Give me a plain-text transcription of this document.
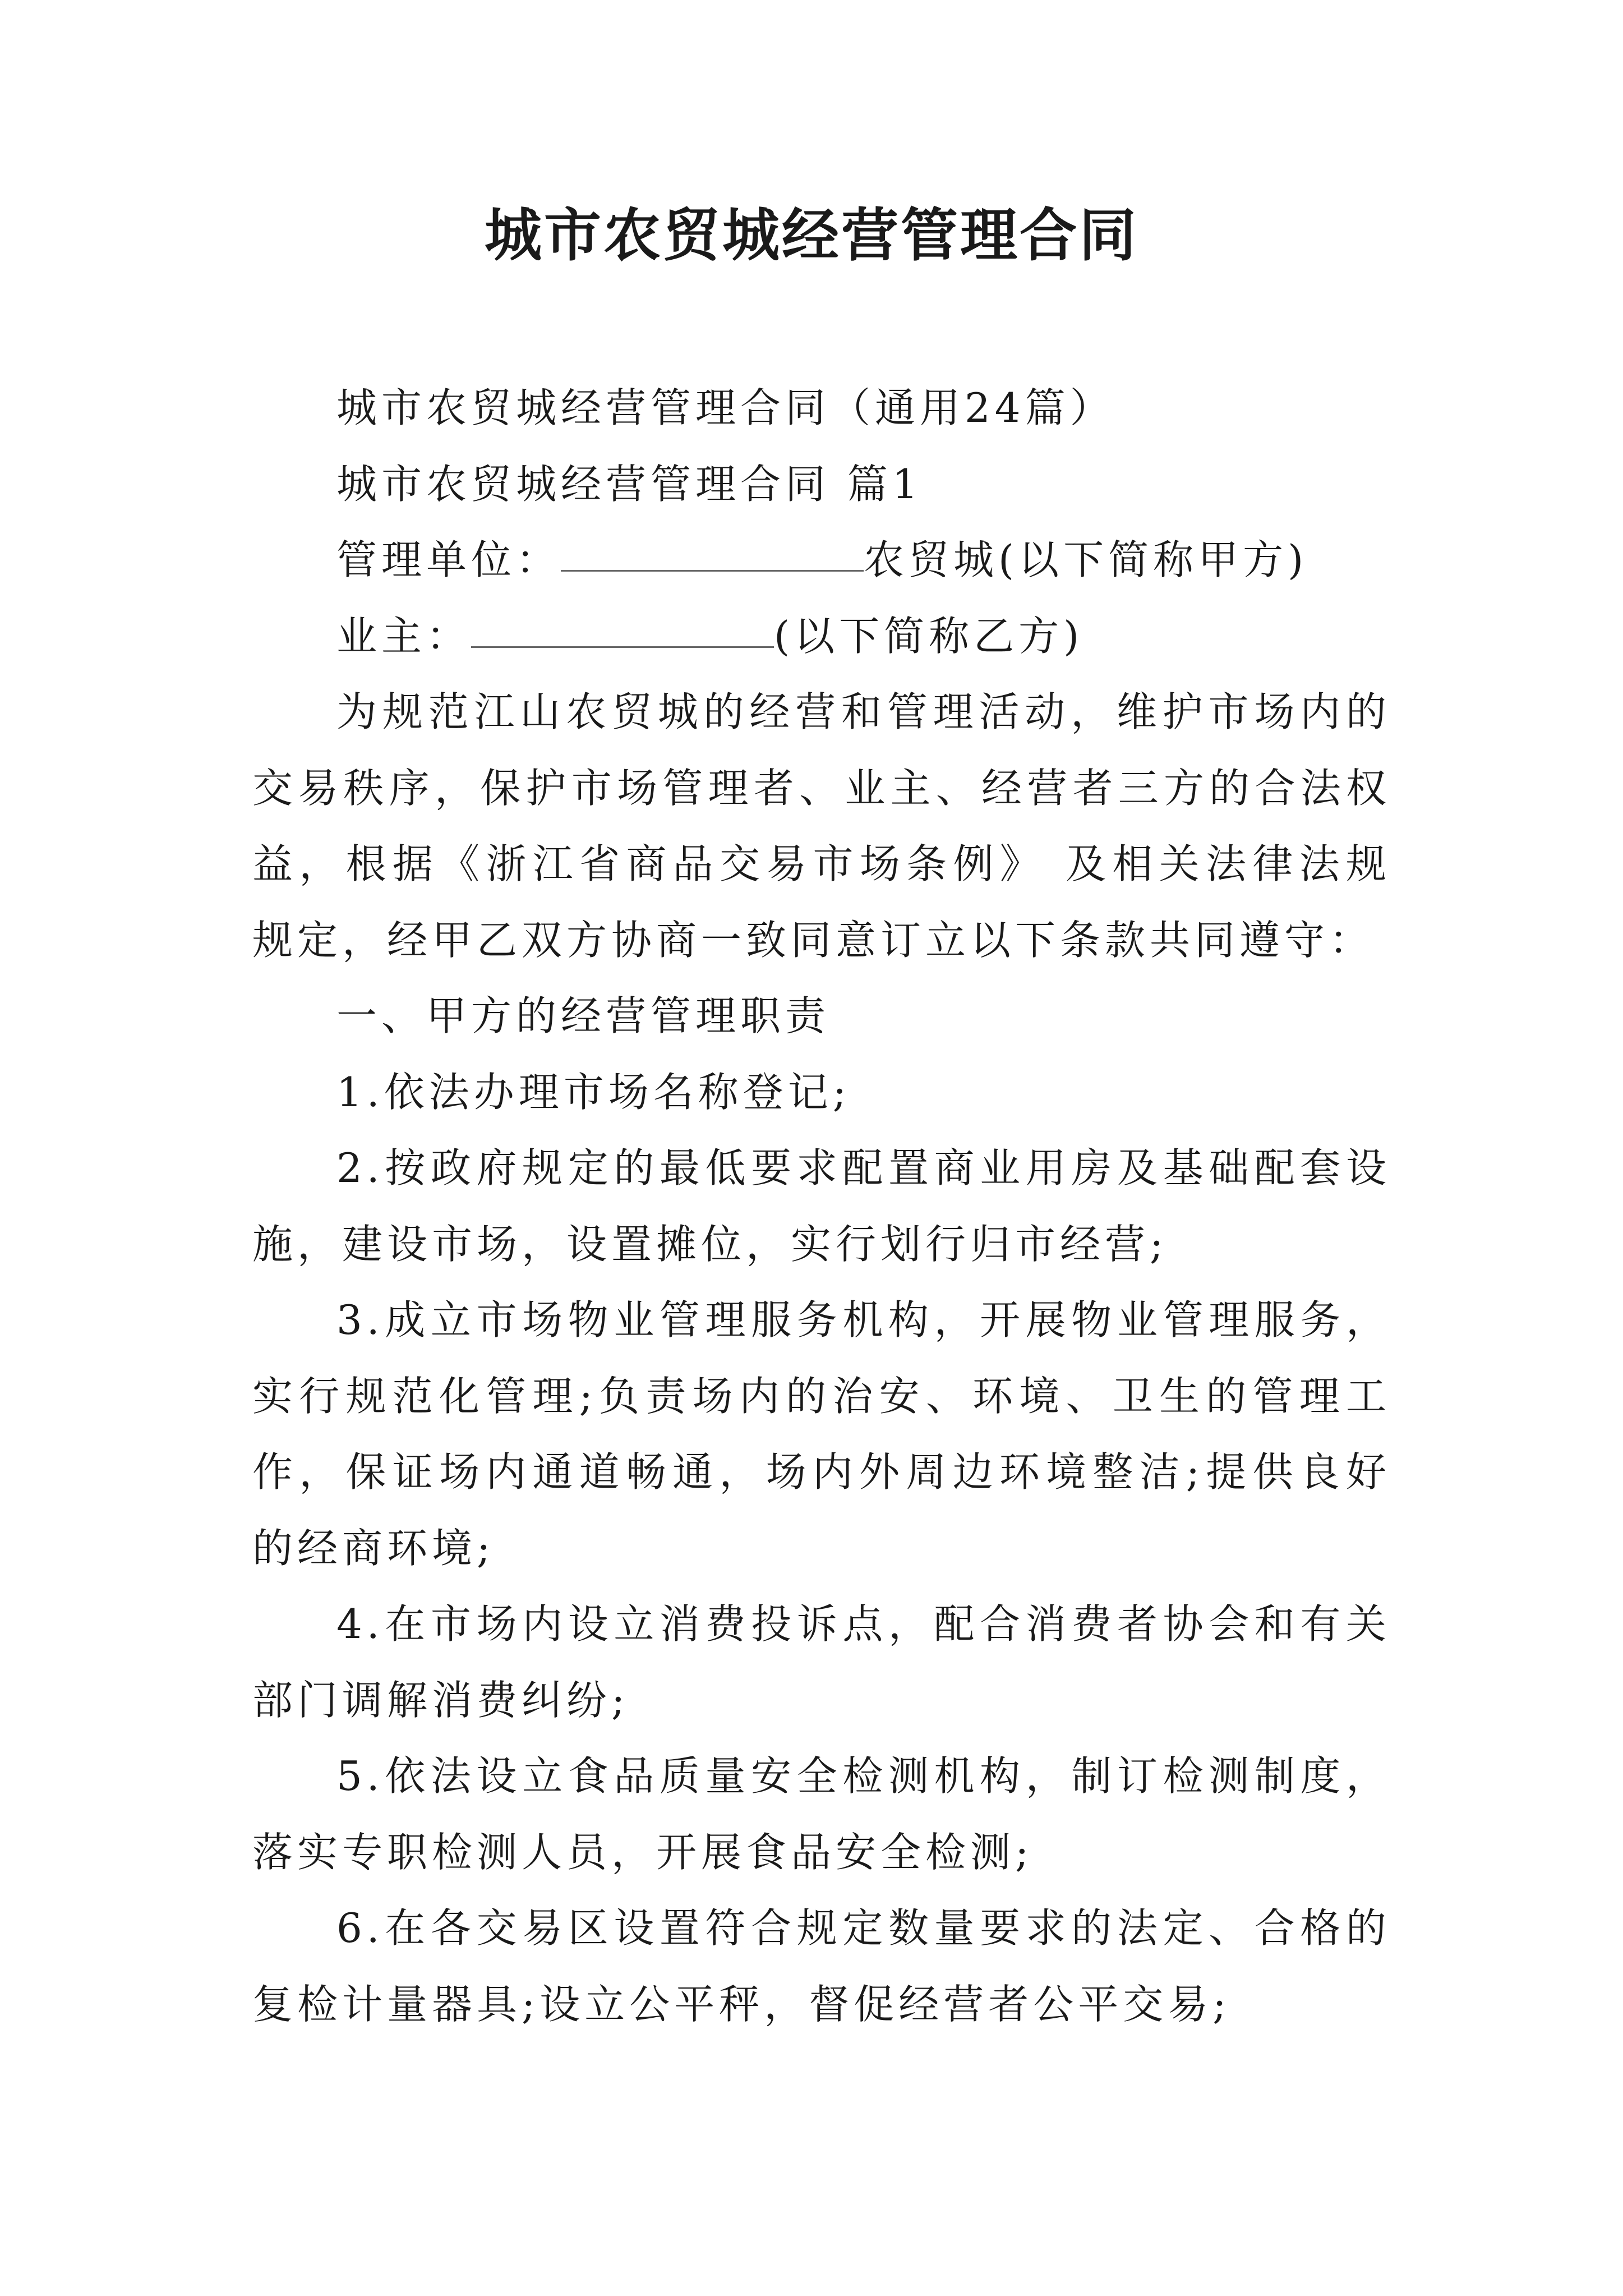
城市农贸城经营管理合同

城市农贸城经营管理合同（通用24篇）

城市农贸城经营管理合同 篇1

管理单位：	农贸城(以下简称甲方)

业主：	(以下简称乙方)

为规范江山农贸城的经营和管理活动，维护市场内的交易秩序，保护市场管理者、业主、经营者三方的合法权益，根据《浙江省商品交易市场条例》 及相关法律法规规定，经甲乙双方协商一致同意订立以下条款共同遵守：

一、甲方的经营管理职责

1.依法办理市场名称登记;

2.按政府规定的最低要求配置商业用房及基础配套设施，建设市场，设置摊位，实行划行归市经营;

3.成立市场物业管理服务机构，开展物业管理服务，实行规范化管理;负责场内的治安、环境、卫生的管理工作，保证场内通道畅通，场内外周边环境整洁;提供良好的经商环境;

4.在市场内设立消费投诉点，配合消费者协会和有关部门调解消费纠纷;

5.依法设立食品质量安全检测机构，制订检测制度，落实专职检测人员，开展食品安全检测;

6.在各交易区设置符合规定数量要求的法定、合格的复检计量器具;设立公平秤，督促经营者公平交易;
